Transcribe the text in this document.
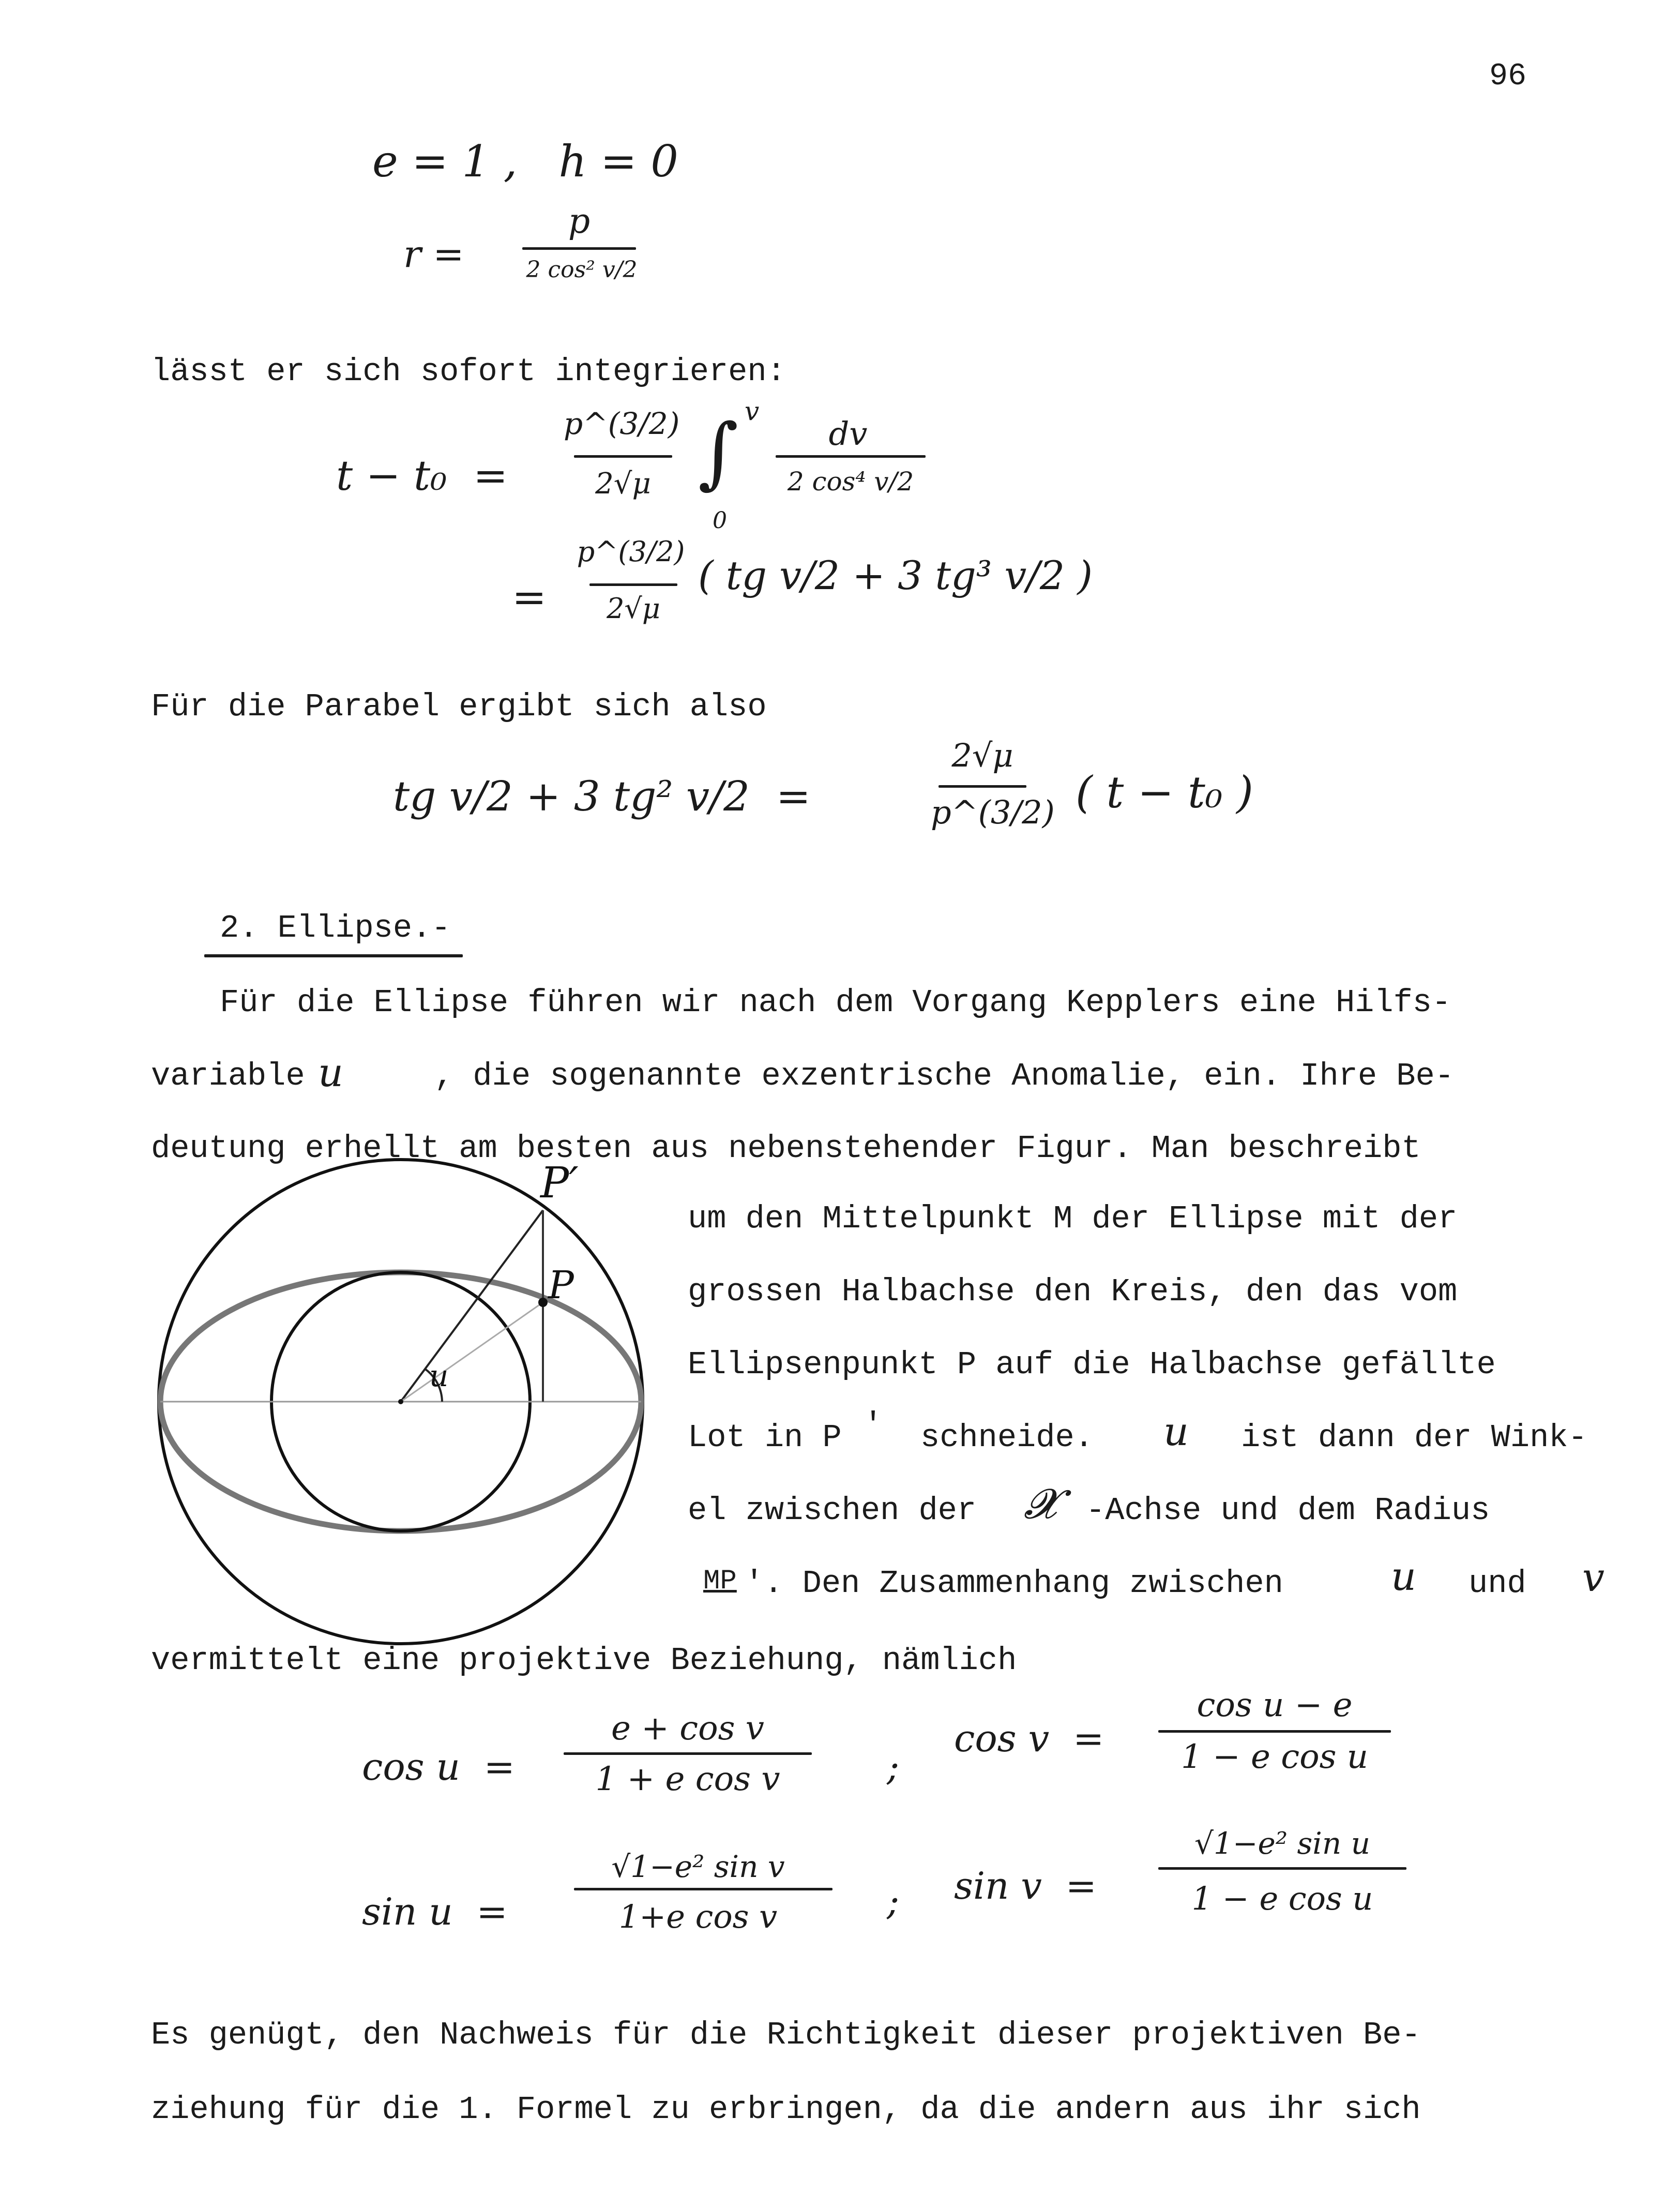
96
e = 1 ,   h = 0
r =
p
2 cos² v/2
lässt er sich sofort integrieren:
t − t₀  =
p^(3/2)
2√μ ∫ v
0
dv
2 cos⁴ v/2
=
p^(3/2)
2√μ
( tg v/2 + 3 tg³ v/2 )
Für die Parabel ergibt sich also
tg v/2 + 3 tg² v/2  =
2√μ
p^(3/2) ( t − t₀ )
2. Ellipse.-
Für die Ellipse führen wir nach dem Vorgang Kepplers eine Hilfs-
variable u	, die sogenannte exzentrische Anomalie, ein. Ihre Be-
deutung erhellt am besten aus nebenstehender Figur. Man beschreibt
P′
P
u
um den Mittelpunkt M der Ellipse mit der
grossen Halbachse den Kreis, den das vom
Ellipsenpunkt P auf die Halbachse gefällte
Lot in P ′ schneide. u ist dann der Wink-
el zwischen der 𝓧 -Achse und dem Radius
MP ′. Den Zusammenhang zwischen	u und v
vermittelt eine projektive Beziehung, nämlich
cos u  =
e + cos v
1 + e cos v	;
cos v  =
cos u − e
1 − e cos u
sin u  =
√1−e² sin v
1+e cos v	; sin v  =
√1−e² sin u
1 − e cos u
Es genügt, den Nachweis für die Richtigkeit dieser projektiven Be-
ziehung für die 1. Formel zu erbringen, da die andern aus ihr sich
